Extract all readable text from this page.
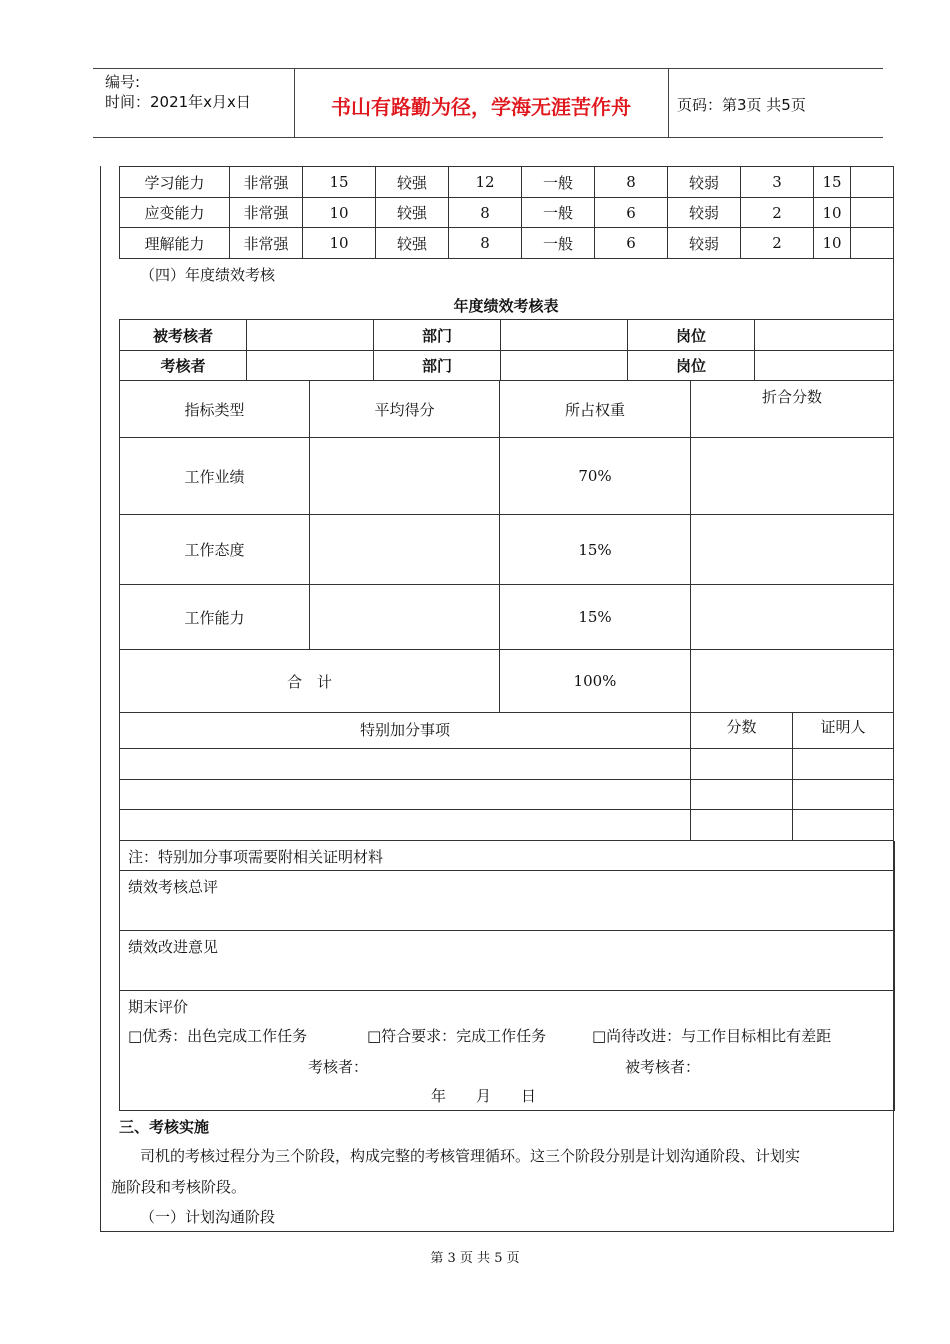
编号:
时间：2021年x月x日	书山有路勤为径，学海无涯苦作舟	页码：第3页 共5页
学习能力	非常强	15	较强	12	一般	8	较弱	3	15	
应变能力	非常强	10	较强	8	一般	6	较弱	2	10	
理解能力	非常强	10	较强	8	一般	6	较弱	2	10	
（四）年度绩效考核
年度绩效考核表
被考核者		部门		岗位	
考核者		部门		岗位	
指标类型	平均得分	所占权重	折合分数	
工作业绩		70%		
工作态度		15%		
工作能力		15%		
合　计		100%		
特别加分事项			分数	证明人

注：特别加分事项需要附相关证明材料
绩效考核总评
绩效改进意见
期末评价
□优秀：出色完成工作任务	□符合要求：完成工作任务	□尚待改进：与工作目标相比有差距
考核者：	被考核者：
年　　月　　日
三、考核实施
司机的考核过程分为三个阶段，构成完整的考核管理循环。这三个阶段分别是计划沟通阶段、计划实
施阶段和考核阶段。
（一）计划沟通阶段
第 3 页 共 5 页
